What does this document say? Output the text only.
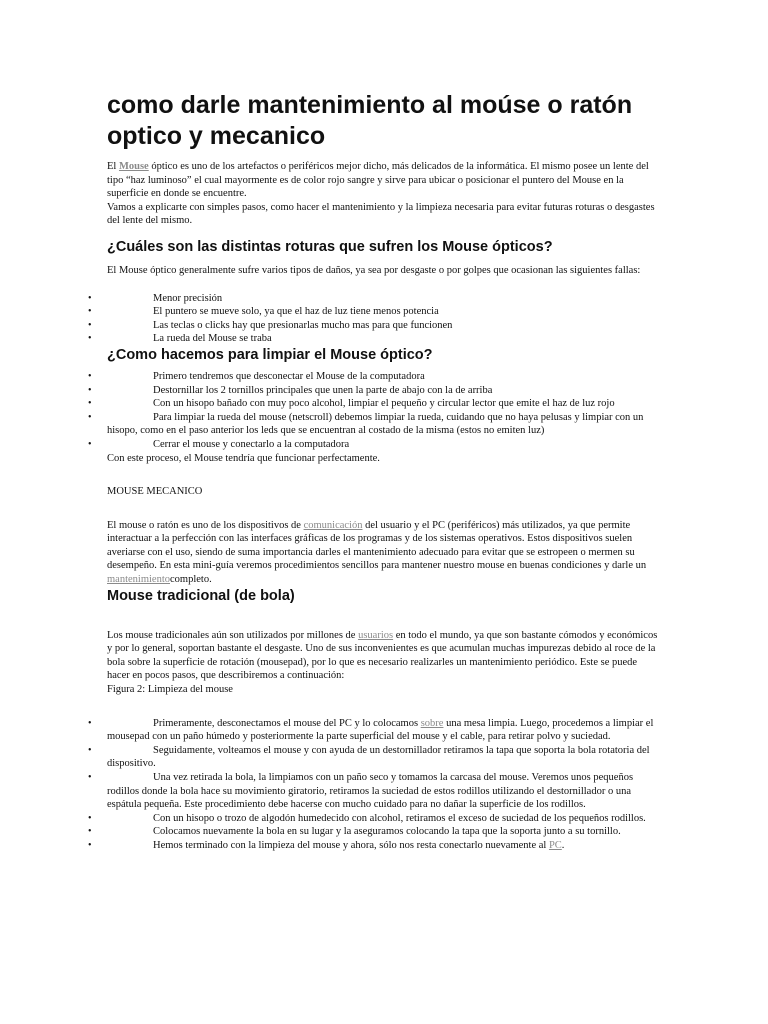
como darle mantenimiento al moúse o ratón optico y mecanico

El Mouse óptico es uno de los artefactos o periféricos mejor dicho, más delicados de la informática. El mismo posee un lente del tipo “haz luminoso” el cual mayormente es de color rojo sangre y sirve para ubicar o posicionar el puntero del Mouse en la superficie en donde se encuentre.

Vamos a explicarte con simples pasos, como hacer el mantenimiento y la limpieza necesaria para evitar futuras roturas o desgastes del lente del mismo.

¿Cuáles son las distintas roturas que sufren los Mouse ópticos?

El Mouse óptico generalmente sufre varios tipos de daños, ya sea por desgaste o por golpes que ocasionan las siguientes fallas:

•	Menor precisión
•	El puntero se mueve solo, ya que el haz de luz tiene menos potencia
•	Las teclas o clicks hay que presionarlas mucho mas para que funcionen
•	La rueda del Mouse se traba
¿Como hacemos para limpiar el Mouse óptico?
•	Primero tendremos que desconectar el Mouse de la computadora
•	Destornillar los 2 tornillos principales que unen la parte de abajo con la de arriba
•	Con un hisopo bañado con muy poco alcohol, limpiar el pequeño y circular lector que emite el haz de luz rojo
•	Para limpiar la rueda del mouse (netscroll) debemos limpiar la rueda, cuidando que no haya pelusas y limpiar con un hisopo, como en el paso anterior los leds que se encuentran al costado de la misma (estos no emiten luz)
•	Cerrar el mouse y conectarlo a la computadora

Con este proceso, el Mouse tendría que funcionar perfectamente.

MOUSE MECANICO

El mouse o ratón es uno de los dispositivos de comunicación del usuario y el PC (periféricos) más utilizados, ya que permite interactuar a la perfección con las interfaces gráficas de los programas y de los sistemas operativos. Estos dispositivos suelen averiarse con el uso, siendo de suma importancia darles el mantenimiento adecuado para evitar que se estropeen o mermen su desempeño. En esta mini-guía veremos procedimientos sencillos para mantener nuestro mouse en buenas condiciones y darle un mantenimientocompleto.

Mouse tradicional (de bola)

Los mouse tradicionales aún son utilizados por millones de usuarios en todo el mundo, ya que son bastante cómodos y económicos y por lo general, soportan bastante el desgaste. Uno de sus inconvenientes es que acumulan muchas impurezas debido al roce de la bola sobre la superficie de rotación (mousepad), por lo que es necesario realizarles un mantenimiento periódico. Este se puede hacer en pocos pasos, que describiremos a continuación:

Figura 2: Limpieza del mouse

•	Primeramente, desconectamos el mouse del PC y lo colocamos sobre una mesa limpia. Luego, procedemos a limpiar el mousepad con un paño húmedo y posteriormente la parte superficial del mouse y el cable, para retirar polvo y suciedad.
•	Seguidamente, volteamos el mouse y con ayuda de un destornillador retiramos la tapa que soporta la bola rotatoria del dispositivo.
•	Una vez retirada la bola, la limpiamos con un paño seco y tomamos la carcasa del mouse. Veremos unos pequeños rodillos donde la bola hace su movimiento giratorio, retiramos la suciedad de estos rodillos utilizando el destornillador o una espátula pequeña. Este procedimiento debe hacerse con mucho cuidado para no dañar la superficie de los rodillos.
•	Con un hisopo o trozo de algodón humedecido con alcohol, retiramos el exceso de suciedad de los pequeños rodillos.
•	Colocamos nuevamente la bola en su lugar y la aseguramos colocando la tapa que la soporta junto a su tornillo.
•	Hemos terminado con la limpieza del mouse y ahora, sólo nos resta conectarlo nuevamente al PC.
